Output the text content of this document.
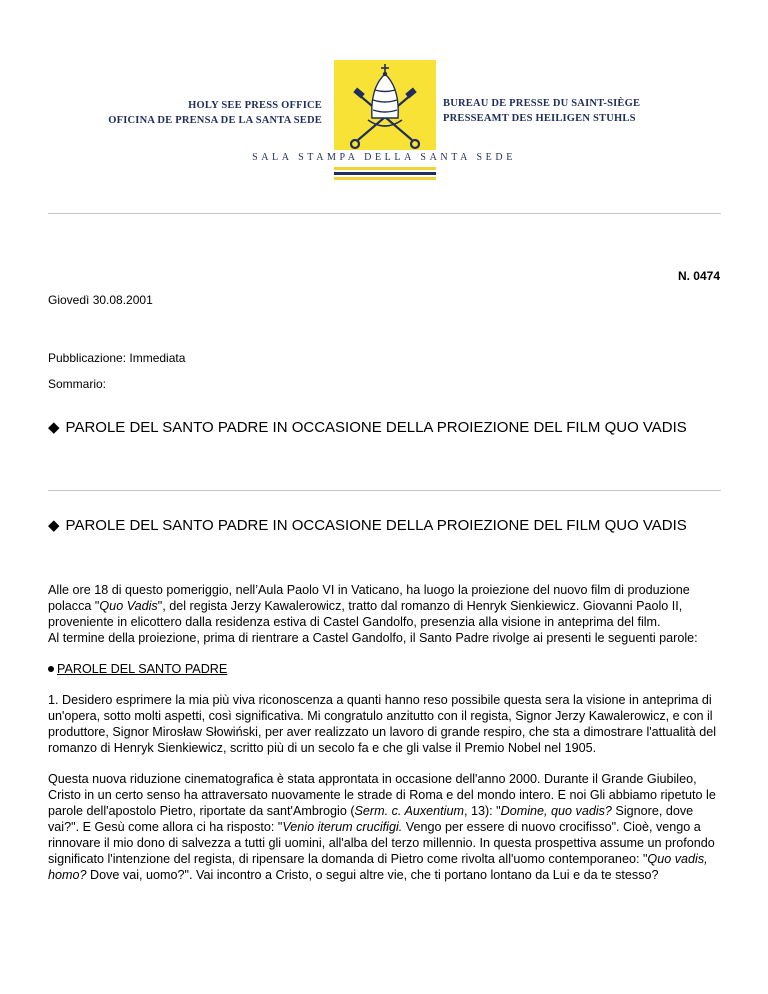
HOLY SEE PRESS OFFICE
OFICINA DE PRENSA DE LA SANTA SEDE
BUREAU DE PRESSE DU SAINT-SIÈGE
PRESSEAMT DES HEILIGEN STUHLS
SALA STAMPA DELLA SANTA SEDE
N. 0474
Giovedì 30.08.2001
Pubblicazione: Immediata
Sommario:
◆ PAROLE DEL SANTO PADRE IN OCCASIONE DELLA PROIEZIONE DEL FILM QUO VADIS
◆ PAROLE DEL SANTO PADRE IN OCCASIONE DELLA PROIEZIONE DEL FILM QUO VADIS

Alle ore 18 di questo pomeriggio, nell’Aula Paolo VI in Vaticano, ha luogo la proiezione del nuovo film di produzione polacca "Quo Vadis", del regista Jerzy Kawalerowicz, tratto dal romanzo di Henryk Sienkiewicz. Giovanni Paolo II, proveniente in elicottero dalla residenza estiva di Castel Gandolfo, presenzia alla visione in anteprima del film.
Al termine della proiezione, prima di rientrare a Castel Gandolfo, il Santo Padre rivolge ai presenti le seguenti parole:

PAROLE DEL SANTO PADRE

1. Desidero esprimere la mia più viva riconoscenza a quanti hanno reso possibile questa sera la visione in anteprima di un'opera, sotto molti aspetti, così significativa. Mi congratulo anzitutto con il regista, Signor Jerzy Kawalerowicz, e con il produttore, Signor Mirosław Słowiński, per aver realizzato un lavoro di grande respiro, che sta a dimostrare l'attualità del romanzo di Henryk Sienkiewicz, scritto più di un secolo fa e che gli valse il Premio Nobel nel 1905.

Questa nuova riduzione cinematografica è stata approntata in occasione dell'anno 2000. Durante il Grande Giubileo, Cristo in un certo senso ha attraversato nuovamente le strade di Roma e del mondo intero. E noi Gli abbiamo ripetuto le parole dell'apostolo Pietro, riportate da sant'Ambrogio (Serm. c. Auxentium, 13): "Domine, quo vadis? Signore, dove vai?". E Gesù come allora ci ha risposto: "Venio iterum crucifigi. Vengo per essere di nuovo crocifisso". Cioè, vengo a rinnovare il mio dono di salvezza a tutti gli uomini, all'alba del terzo millennio. In questa prospettiva assume un profondo significato l'intenzione del regista, di ripensare la domanda di Pietro come rivolta all'uomo contemporaneo: "Quo vadis, homo? Dove vai, uomo?". Vai incontro a Cristo, o segui altre vie, che ti portano lontano da Lui e da te stesso?
